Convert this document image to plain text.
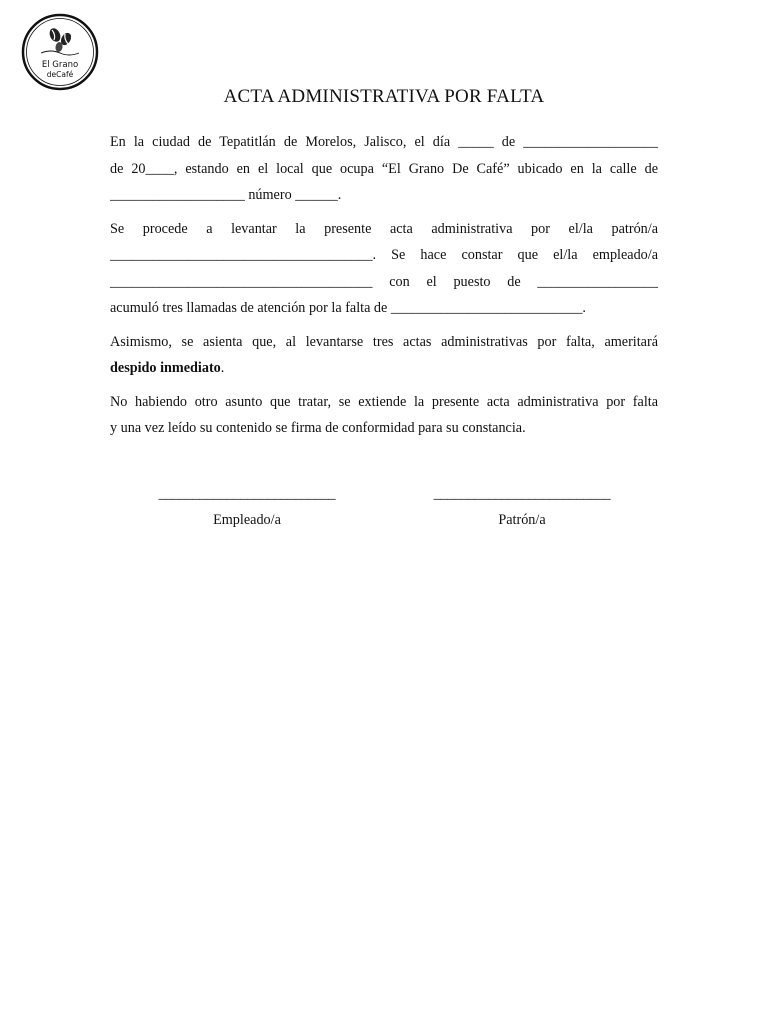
El Grano
deCafé
ACTA ADMINISTRATIVA POR FALTA

En la ciudad de Tepatitlán de Morelos, Jalisco, el día _____ de ___________________
de 20____, estando en el local que ocupa “El Grano De Café” ubicado en la calle de
___________________ número ______.

Se procede a levantar la presente acta administrativa por el/la patrón/a
_____________________________________. Se hace constar que el/la empleado/a
_____________________________________ con el puesto de _________________
acumuló tres llamadas de atención por la falta de ___________________________.

Asimismo, se asienta que, al levantarse tres actas administrativas por falta, ameritará
despido inmediato.

No habiendo otro asunto que tratar, se extiende la presente acta administrativa por falta
y una vez leído su contenido se firma de conformidad para su constancia.

__________________________
Empleado/a
__________________________
Patrón/a
